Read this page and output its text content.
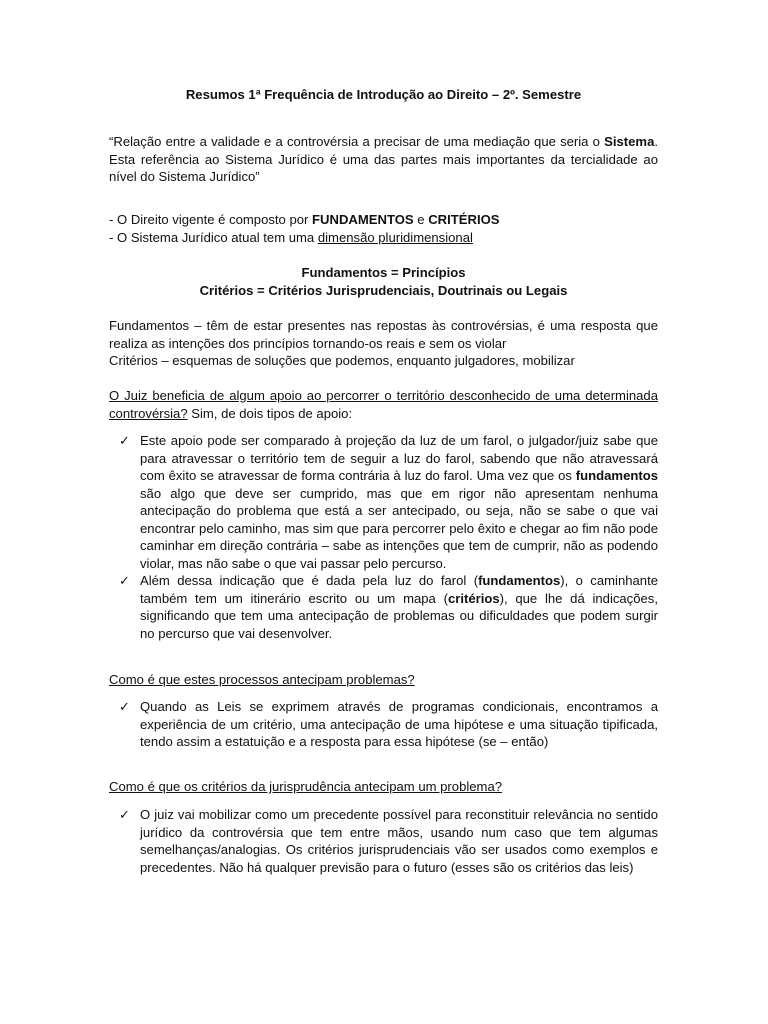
Resumos 1ª Frequência de Introdução ao Direito – 2º. Semestre
“Relação entre a validade e a controvérsia a precisar de uma mediação que seria o Sistema. Esta referência ao Sistema Jurídico é uma das partes mais importantes da tercialidade ao nível do Sistema Jurídico”
- O Direito vigente é composto por FUNDAMENTOS e CRITÉRIOS
- O Sistema Jurídico atual tem uma dimensão pluridimensional
Fundamentos = Princípios
Critérios = Critérios Jurisprudenciais, Doutrinais ou Legais
Fundamentos – têm de estar presentes nas repostas às controvérsias, é uma resposta que realiza as intenções dos princípios tornando-os reais e sem os violar
Critérios – esquemas de soluções que podemos, enquanto julgadores, mobilizar
O Juiz beneficia de algum apoio ao percorrer o território desconhecido de uma determinada controvérsia? Sim, de dois tipos de apoio:
✓ Este apoio pode ser comparado à projeção da luz de um farol, o julgador/juiz sabe que para atravessar o território tem de seguir a luz do farol, sabendo que não atravessará com êxito se atravessar de forma contrária à luz do farol. Uma vez que os fundamentos são algo que deve ser cumprido, mas que em rigor não apresentam nenhuma antecipação do problema que está a ser antecipado, ou seja, não se sabe o que vai encontrar pelo caminho, mas sim que para percorrer pelo êxito e chegar ao fim não pode caminhar em direção contrária – sabe as intenções que tem de cumprir, não as podendo violar, mas não sabe o que vai passar pelo percurso.
✓ Além dessa indicação que é dada pela luz do farol (fundamentos), o caminhante também tem um itinerário escrito ou um mapa (critérios), que lhe dá indicações, significando que tem uma antecipação de problemas ou dificuldades que podem surgir no percurso que vai desenvolver.
Como é que estes processos antecipam problemas?
✓ Quando as Leis se exprimem através de programas condicionais, encontramos a experiência de um critério, uma antecipação de uma hipótese e uma situação tipificada, tendo assim a estatuição e a resposta para essa hipótese (se – então)
Como é que os critérios da jurisprudência antecipam um problema?
✓ O juiz vai mobilizar como um precedente possível para reconstituir relevância no sentido jurídico da controvérsia que tem entre mãos, usando num caso que tem algumas semelhanças/analogias. Os critérios jurisprudenciais vão ser usados como exemplos e precedentes. Não há qualquer previsão para o futuro (esses são os critérios das leis)
